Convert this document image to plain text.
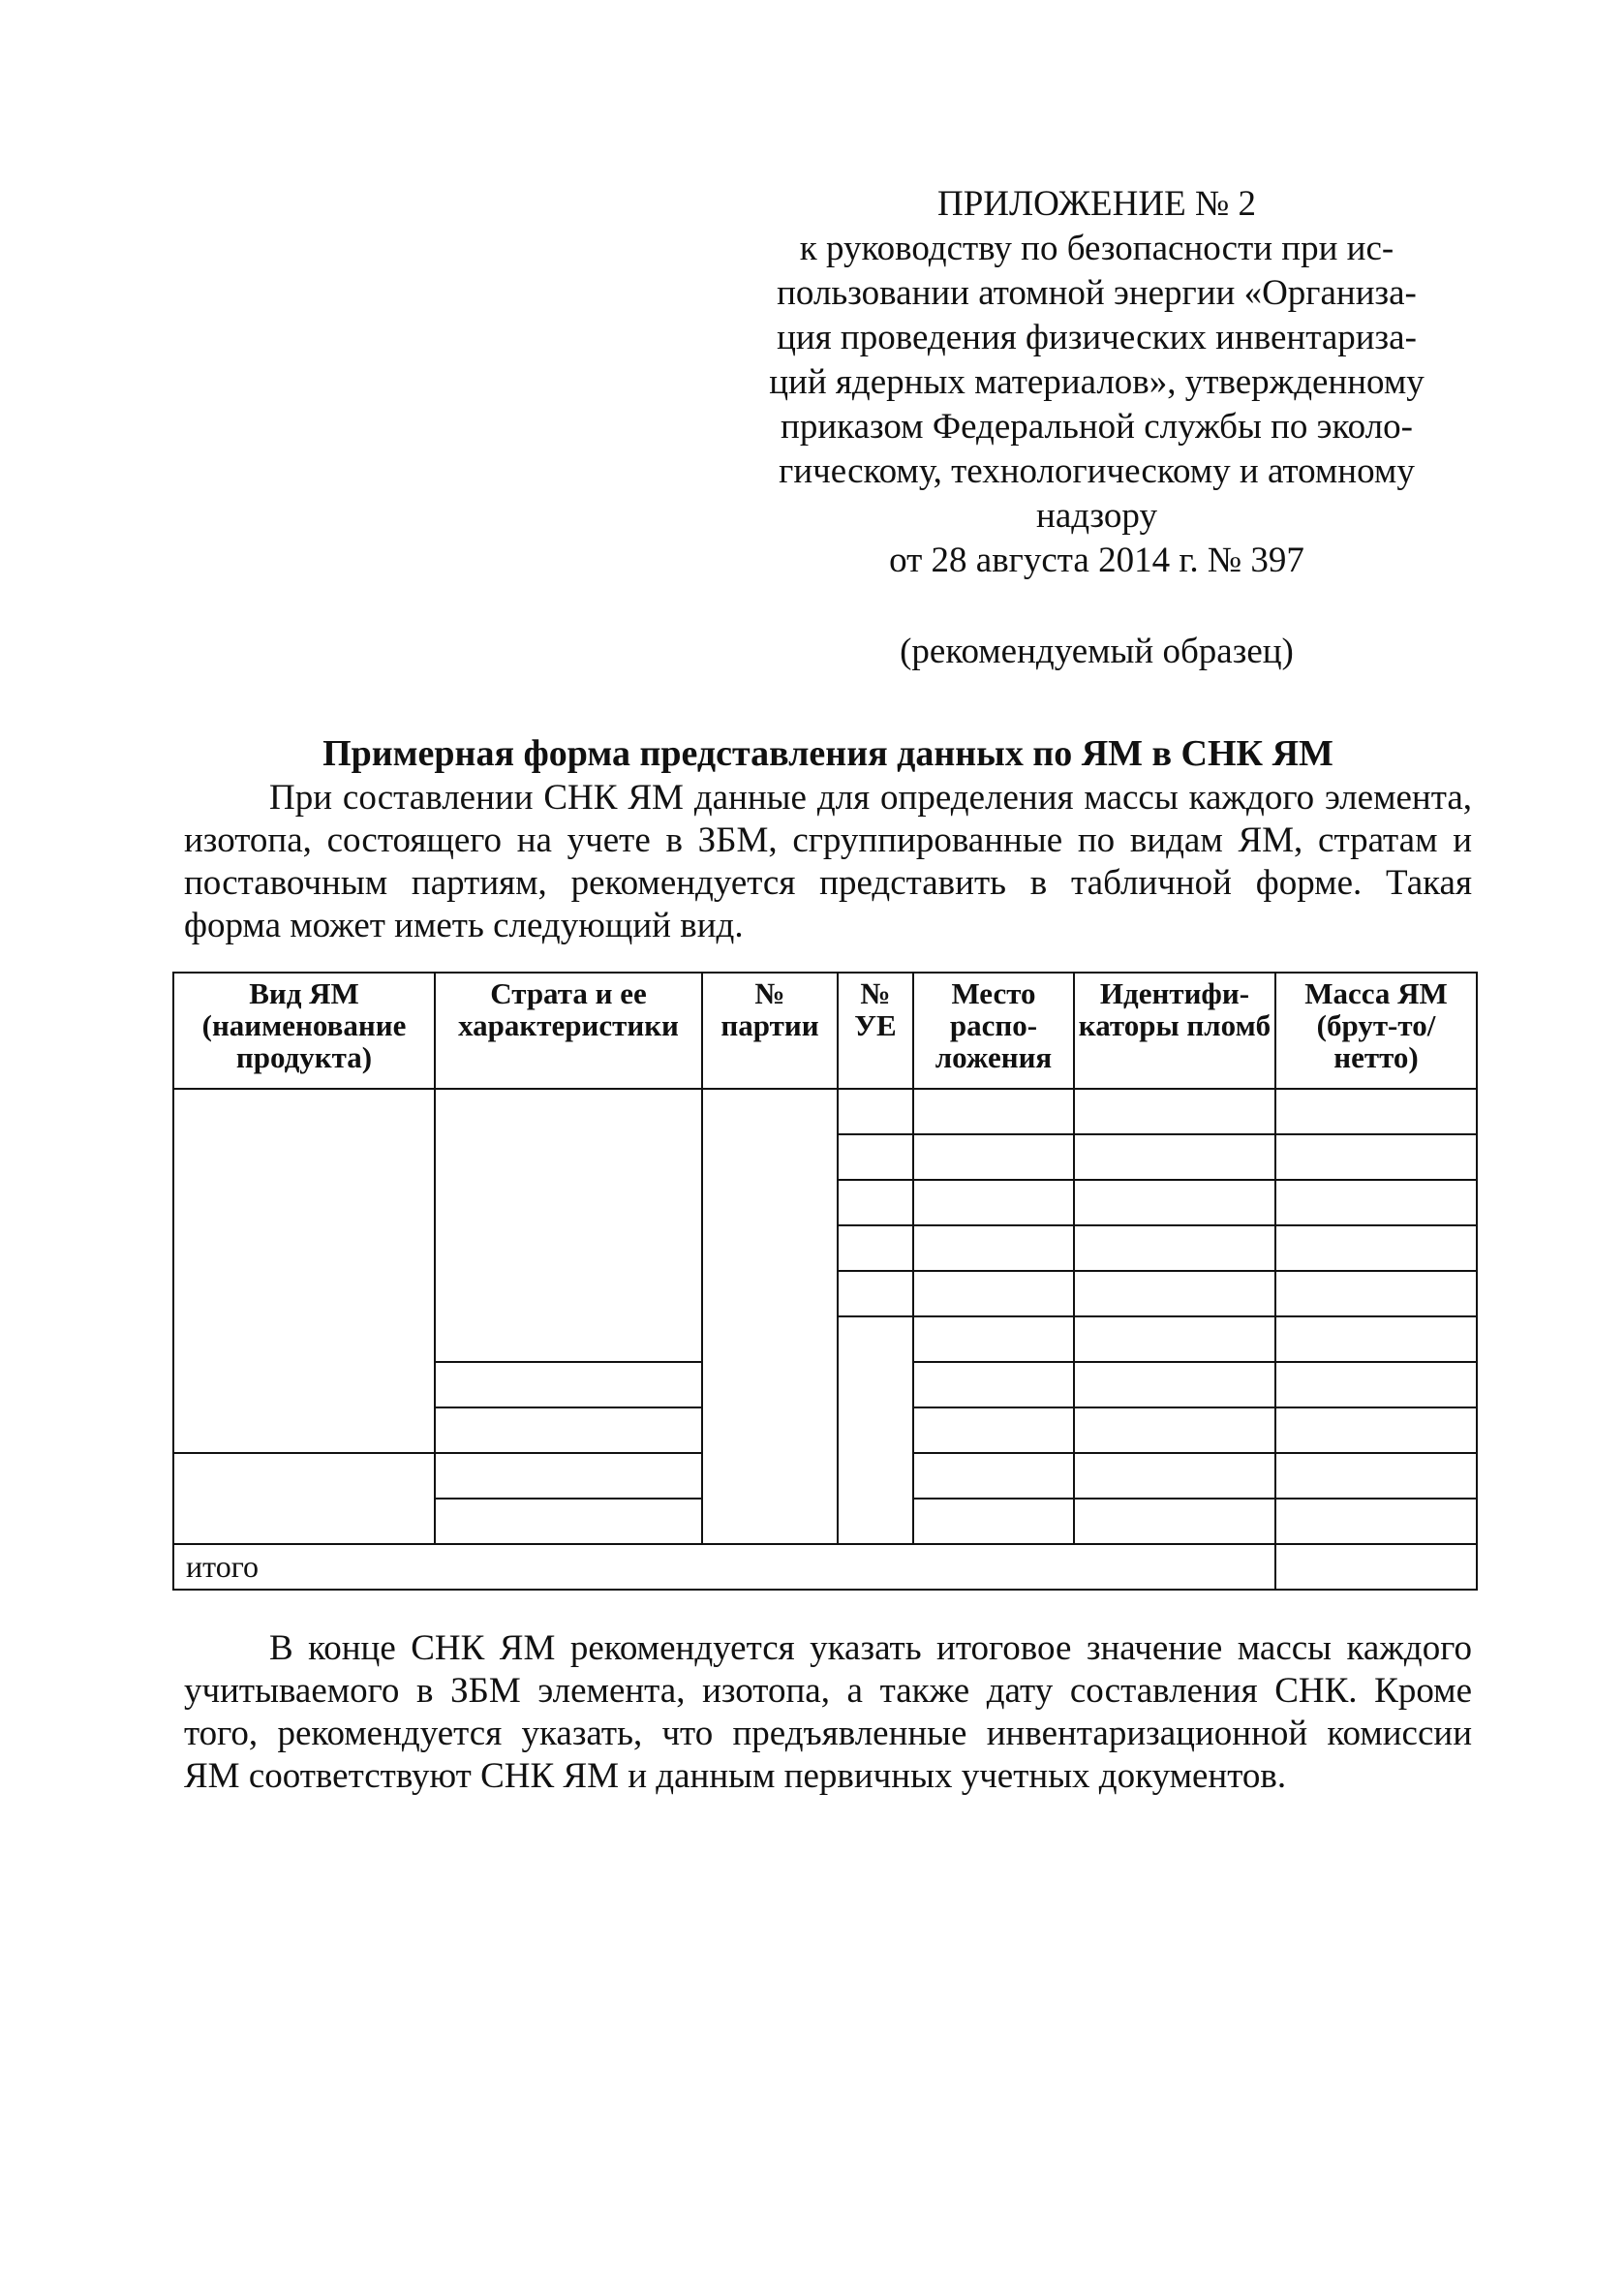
ПРИЛОЖЕНИЕ № 2
к руководству по безопасности при ис-
пользовании атомной энергии «Организа-
ция проведения физических инвентариза-
ций ядерных материалов», утвержденному
приказом Федеральной службы по эколо-
гическому, технологическому и атомному
надзору
от 28 августа 2014 г. № 397
(рекомендуемый образец)
Примерная форма представления данных по ЯМ в СНК ЯМ
При составлении СНК ЯМ данные для определения массы каждого элемента, изотопа, состоящего на учете в ЗБМ, сгруппированные по видам ЯМ, стратам и поставочным партиям, рекомендуется представить в табличной форме. Такая форма может иметь следующий вид.
Вид ЯМ (наименование продукта)	Страта и ее характеристики	№ партии	№ УЕ	Место распо-ложения	Идентифи-каторы пломб	Масса ЯМ (брут-то/нетто)

итого						
В конце СНК ЯМ рекомендуется указать итоговое значение массы каждого учитываемого в ЗБМ элемента, изотопа, а также дату составления СНК. Кроме того, рекомендуется указать, что предъявленные инвентаризационной комиссии ЯМ соответствуют СНК ЯМ и данным первичных учетных документов.
